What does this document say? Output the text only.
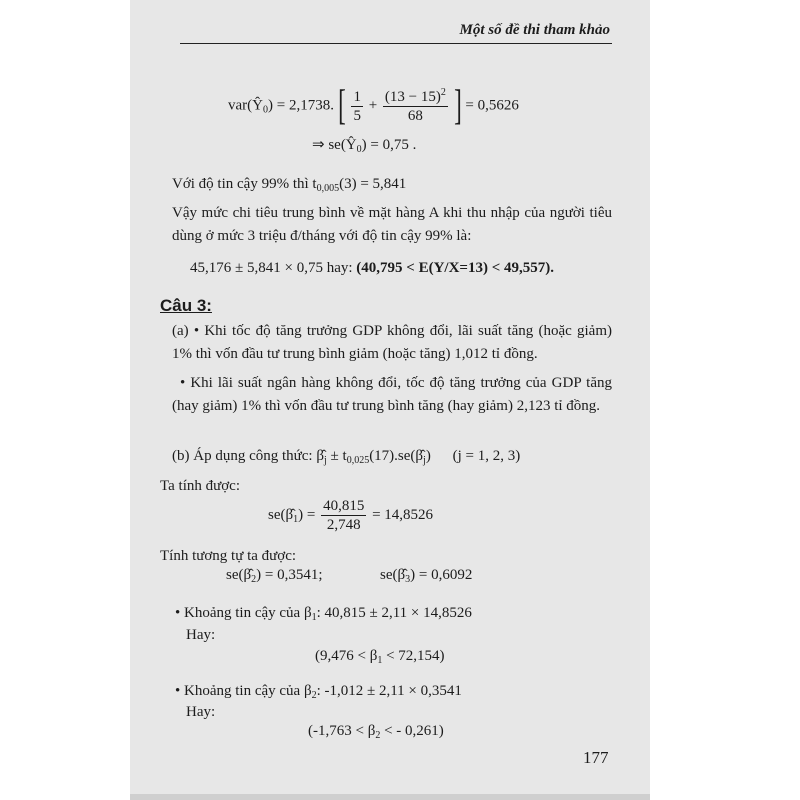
Một số đề thi tham khảo
$var(Ŷ_0) = 2,1738$. [ $\frac{1}{5} + \frac{(13 - 15)^2}{68}$ ] = 0,5626
⇒ $se(Ŷ_0) = 0,75$ .
Với độ tin cậy 99% thì $t_{0,005}(3) = 5,841$
Vậy mức chi tiêu trung bình về mặt hàng A khi thu nhập của người tiêu dùng ở mức 3 triệu đ/tháng với độ tin cậy 99% là:
45,176 ± 5,841 × 0,75 hay: (40,795 < E(Y/X=13) < 49,557).
Câu 3:
(a) • Khi tốc độ tăng trưởng GDP không đổi, lãi suất tăng (hoặc giảm) 1% thì vốn đầu tư trung bình giảm (hoặc tăng) 1,012 tỉ đồng.
• Khi lãi suất ngân hàng không đổi, tốc độ tăng trưởng của GDP tăng (hay giảm) 1% thì vốn đầu tư trung bình tăng (hay giảm) 2,123 tỉ đồng.
(b) Áp dụng công thức: $\betâ_j$ ± $t_{0,025}(17).se(\betâ_j) (j = 1$, 2, 3)
Ta tính được:
$se(\betâ_1) = \frac{40,815}{2,748} = 14,8526$
Tính tương tự ta được:
$se(\betâ_2) = 0,3541$;	$se(\betâ_3) = 0,6092$
• Khoảng tin cậy của $\beta_1$: 40,815 ± 2,11 × 14,8526
Hay:
$(9,476 < \beta_1 < 72,154)$
• Khoảng tin cậy của $\beta_2$: -1,012 ± 2,11 × 0,3541
Hay:
($-1,763 < \beta_2$ < - 0,261)
177
